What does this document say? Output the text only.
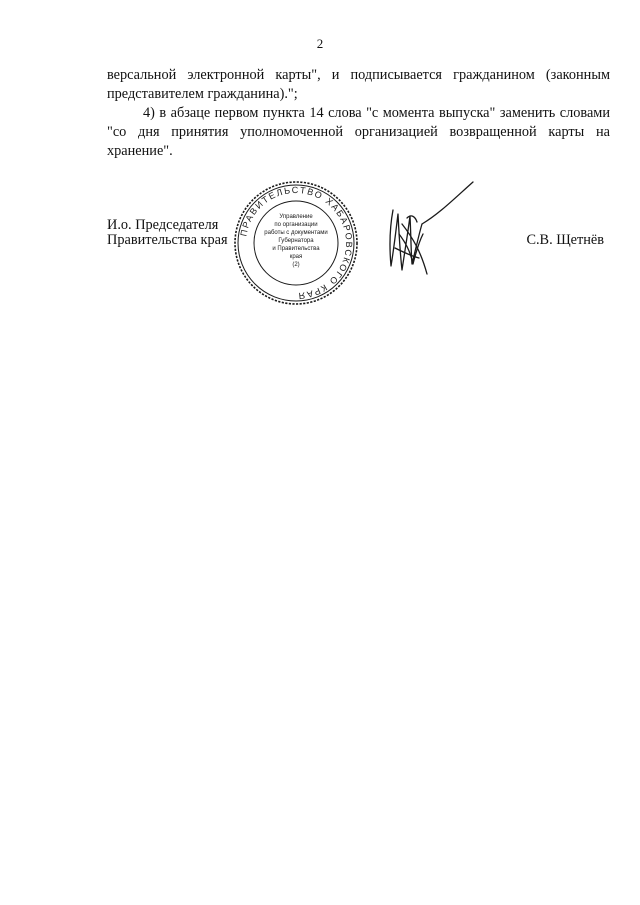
2

версальной электронной карты", и подписывается гражданином (законным представителем гражданина).";

4) в абзаце первом пункта 14 слова "с момента выпуска" заменить словами "со дня принятия уполномоченной организацией возвращенной карты на хранение".

И.о. Председателя
Правительства края ПРАВИТЕЛЬСТВО ХАБАРОВСКОГО КРАЯ
Управление
по организации
работы с документами
Губернатора
и Правительства
края
(2)
С.В. Щетнёв
